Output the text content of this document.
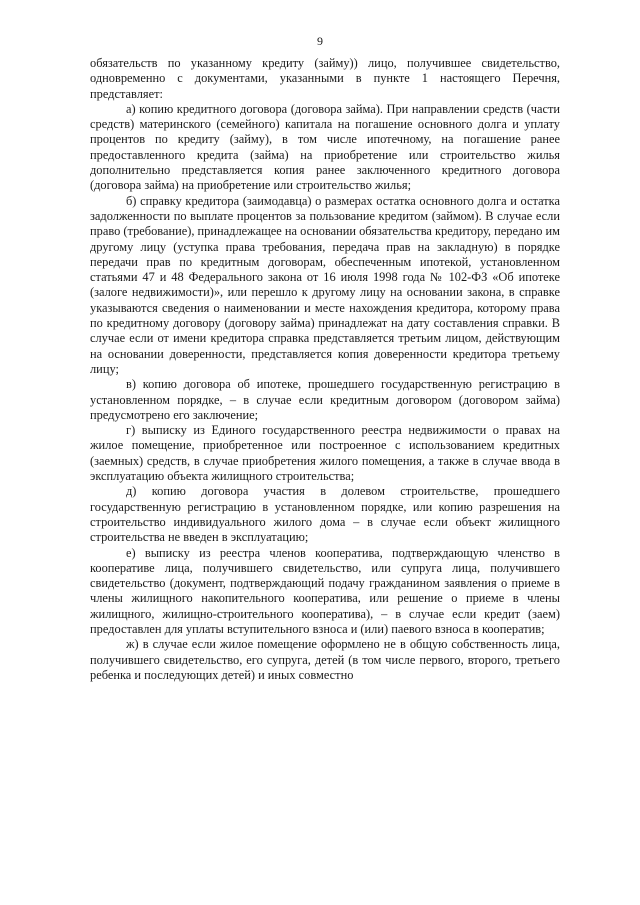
9

обязательств по указанному кредиту (займу)) лицо, получившее свидетельство, одновременно с документами, указанными в пункте 1 настоящего Перечня, представляет:

а) копию кредитного договора (договора займа). При направлении средств (части средств) материнского (семейного) капитала на погашение основного долга и уплату процентов по кредиту (займу), в том числе ипотечному, на погашение ранее предоставленного кредита (займа) на приобретение или строительство жилья дополнительно представляется копия ранее заключенного кредитного договора (договора займа) на приобретение или строительство жилья;

б) справку кредитора (заимодавца) о размерах остатка основного долга и остатка задолженности по выплате процентов за пользование кредитом (займом). В случае если право (требование), принадлежащее на основании обязательства кредитору, передано им другому лицу (уступка права требования, передача прав на закладную) в порядке передачи прав по кредитным договорам, обеспеченным ипотекой, установленном статьями 47 и 48 Федерального закона от 16 июля 1998 года № 102-ФЗ «Об ипотеке (залоге недвижимости)», или перешло к другому лицу на основании закона, в справке указываются сведения о наименовании и месте нахождения кредитора, которому права по кредитному договору (договору займа) принадлежат на дату составления справки. В случае если от имени кредитора справка представляется третьим лицом, действующим на основании доверенности, представляется копия доверенности кредитора третьему лицу;

в) копию договора об ипотеке, прошедшего государственную регистрацию в установленном порядке, – в случае если кредитным договором (договором займа) предусмотрено его заключение;

г) выписку из Единого государственного реестра недвижимости о правах на жилое помещение, приобретенное или построенное с использованием кредитных (заемных) средств, в случае приобретения жилого помещения, а также в случае ввода в эксплуатацию объекта жилищного строительства;

д) копию договора участия в долевом строительстве, прошедшего государственную регистрацию в установленном порядке, или копию разрешения на строительство индивидуального жилого дома – в случае если объект жилищного строительства не введен в эксплуатацию;

е) выписку из реестра членов кооператива, подтверждающую членство в кооперативе лица, получившего свидетельство, или супруга лица, получившего свидетельство (документ, подтверждающий подачу гражданином заявления о приеме в члены жилищного накопительного кооператива, или решение о приеме в члены жилищного, жилищно-строительного кооператива), – в случае если кредит (заем) предоставлен для уплаты вступительного взноса и (или) паевого взноса в кооператив;

ж) в случае если жилое помещение оформлено не в общую собственность лица, получившего свидетельство, его супруга, детей (в том числе первого, второго, третьего ребенка и последующих детей) и иных совместно
